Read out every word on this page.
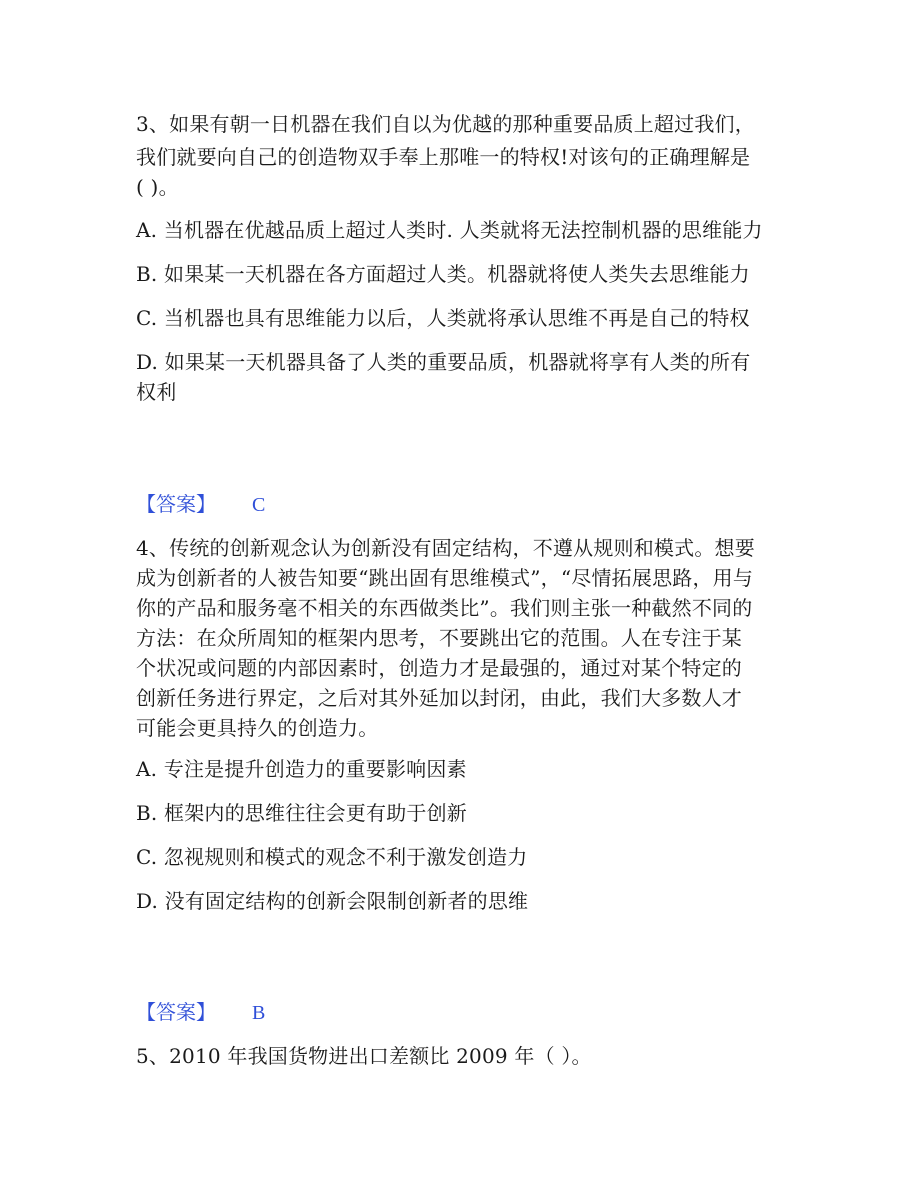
3、如果有朝一日机器在我们自以为优越的那种重要品质上超过我们，
我们就要向自己的创造物双手奉上那唯一的特权!对该句的正确理解是
( )。
A. 当机器在优越品质上超过人类时. 人类就将无法控制机器的思维能力
B. 如果某一天机器在各方面超过人类。机器就将使人类失去思维能力
C. 当机器也具有思维能力以后，人类就将承认思维不再是自己的特权
D. 如果某一天机器具备了人类的重要品质，机器就将享有人类的所有
权利
【答案】 C
4、传统的创新观念认为创新没有固定结构，不遵从规则和模式。想要
成为创新者的人被告知要“跳出固有思维模式”，“尽情拓展思路，用与
你的产品和服务毫不相关的东西做类比”。我们则主张一种截然不同的
方法：在众所周知的框架内思考，不要跳出它的范围。人在专注于某
个状况或问题的内部因素时，创造力才是最强的，通过对某个特定的
创新任务进行界定，之后对其外延加以封闭，由此，我们大多数人才
可能会更具持久的创造力。
A. 专注是提升创造力的重要影响因素
B. 框架内的思维往往会更有助于创新
C. 忽视规则和模式的观念不利于激发创造力
D. 没有固定结构的创新会限制创新者的思维
【答案】 B
5、2010 年我国货物进出口差额比 2009 年（ ）。
